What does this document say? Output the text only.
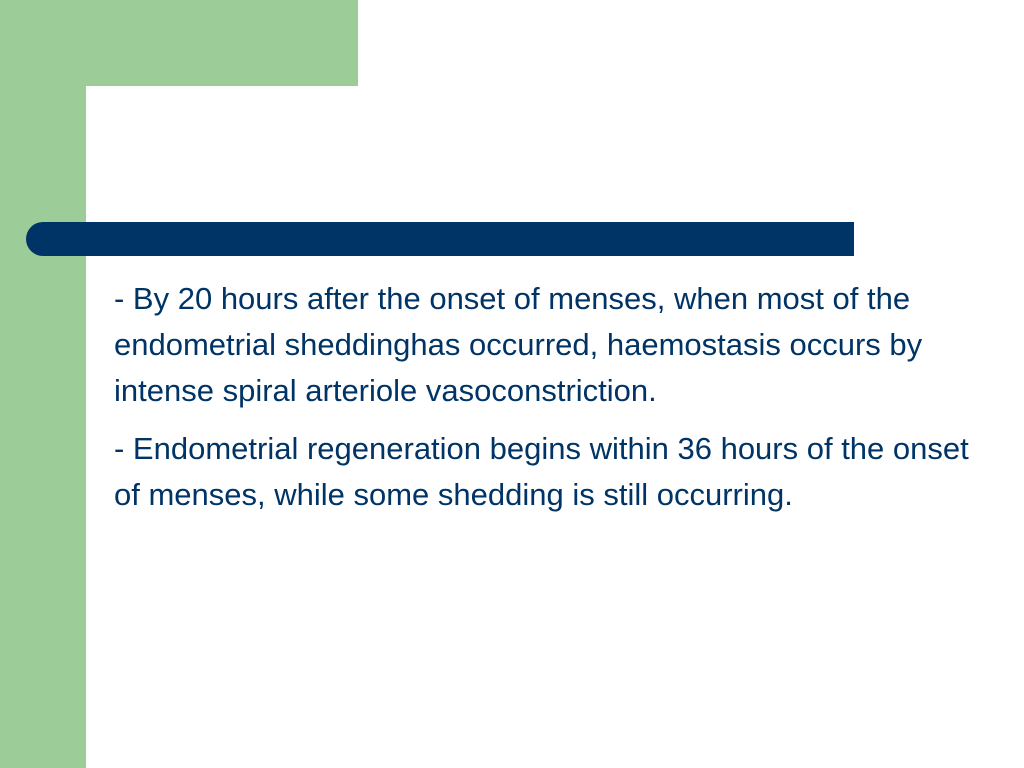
- By 20 hours after the onset of menses, when most of the endometrial sheddinghas occurred, haemostasis occurs by intense spiral arteriole vasoconstriction.
- Endometrial regeneration begins within 36 hours of the onset of menses, while some shedding is still occurring.
